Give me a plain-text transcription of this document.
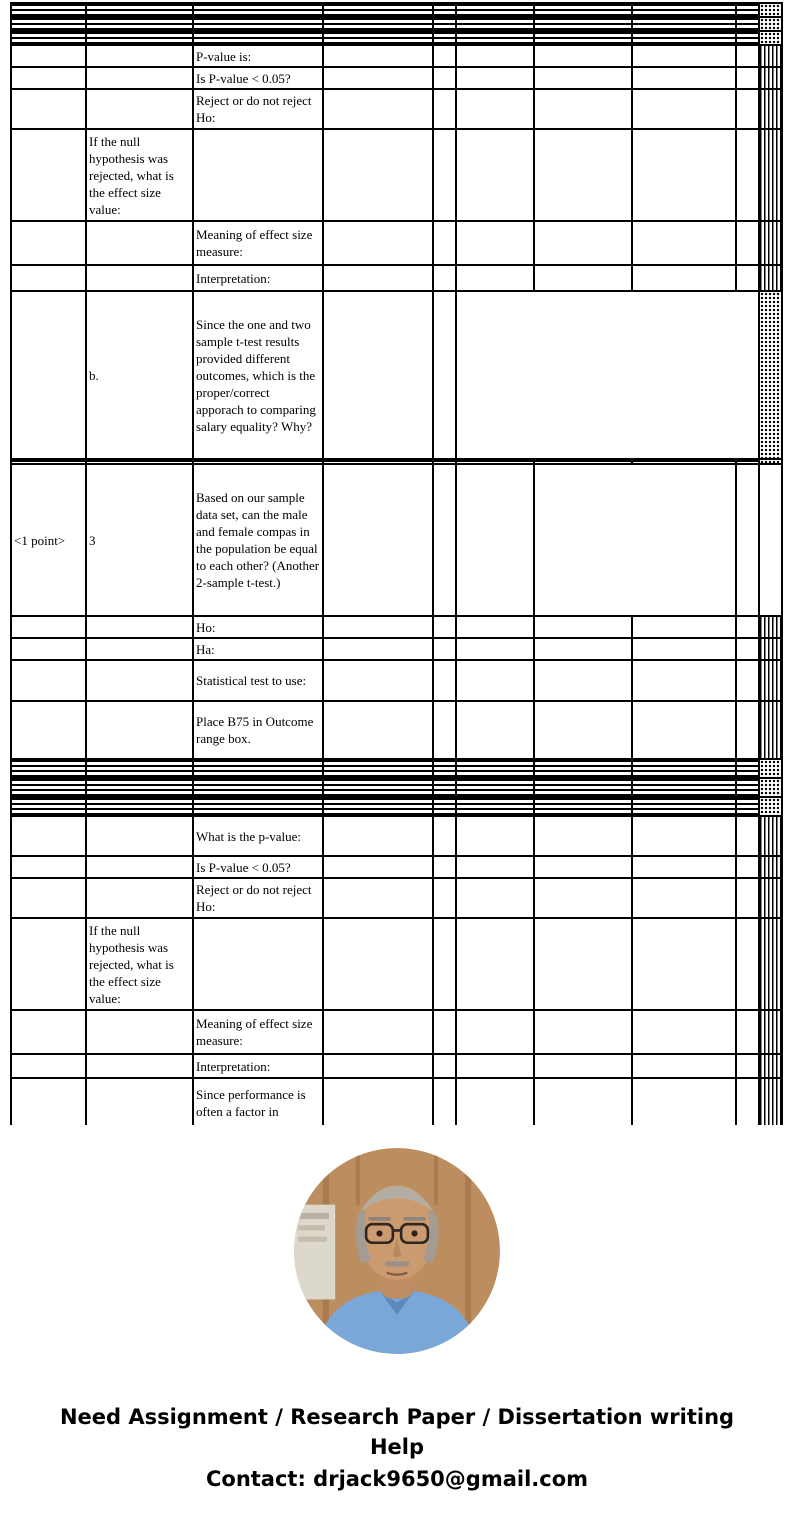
		P-value is:							
		Is P-value < 0.05?							
		Reject or do not reject Ho:							
	If the null hypothesis was rejected, what is the effect size value:								
		Meaning of effect size measure:							
		Interpretation:							
	b.	Since the one and two sample t-test results provided different outcomes, which is the proper/correct apporach to comparing salary equality? Why?							

<1 point>	3	Based on our sample data set, can the male and female compas in the population be equal to each other? (Another 2-sample t-test.)							
		Ho:							
		Ha:							
		Statistical test to use:							
		Place B75 in Outcome range box.							

		What is the p-value:							
		Is P-value < 0.05?							
		Reject or do not reject Ho:							
	If the null hypothesis was rejected, what is the effect size value:								
		Meaning of effect size measure:							
		Interpretation:							
		Since performance is often a factor in							

Need Assignment / Research Paper / Dissertation writing Help

Contact: drjack9650@gmail.com
